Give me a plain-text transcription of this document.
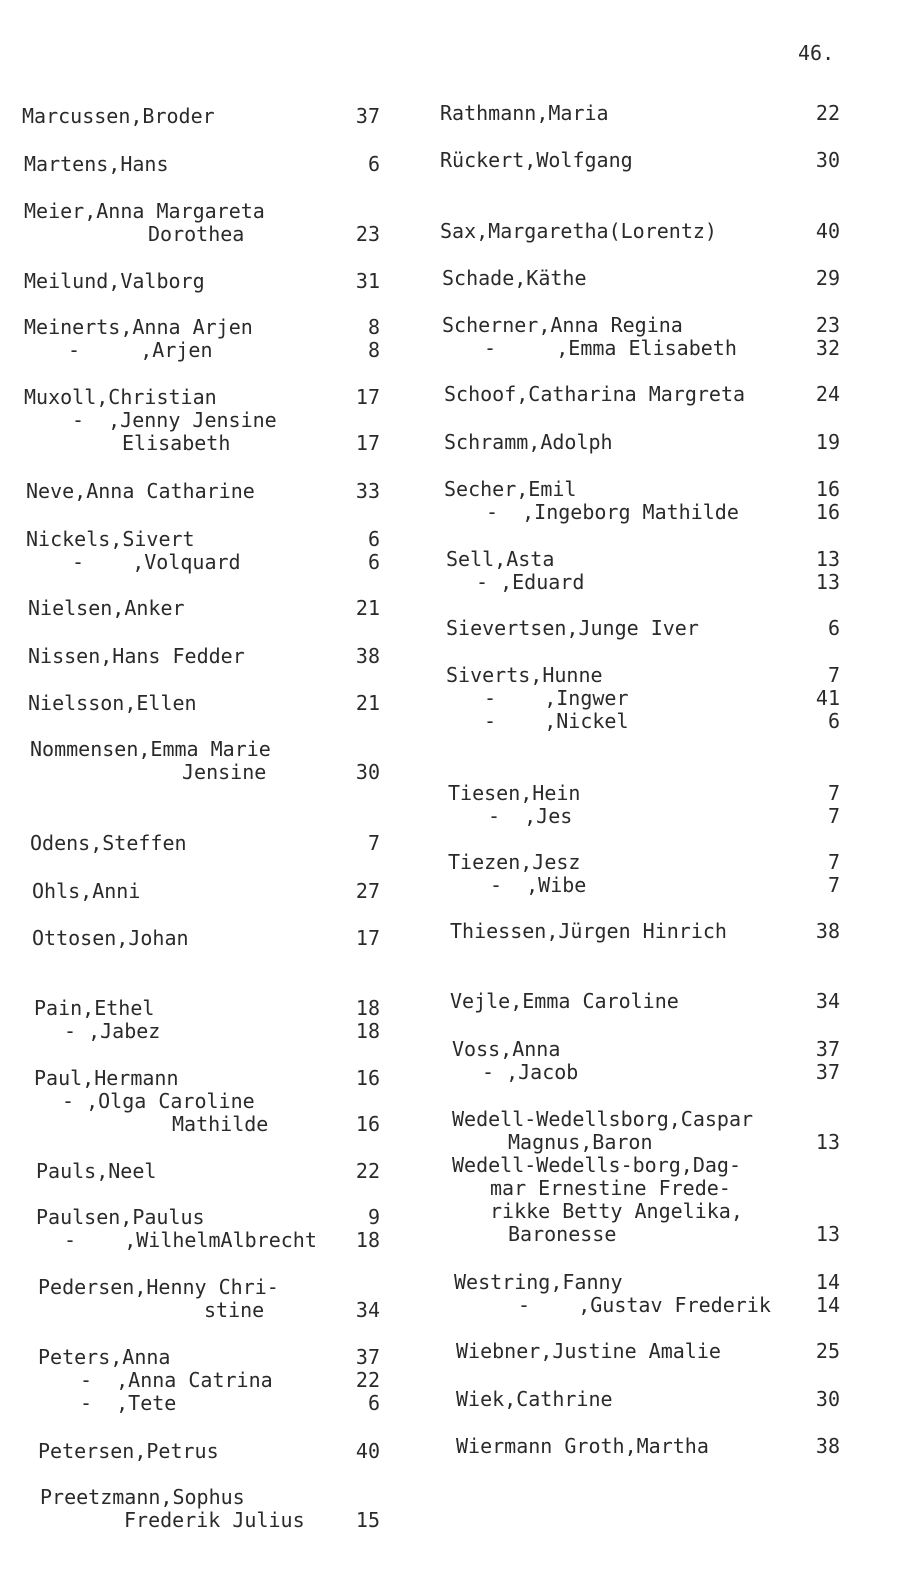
46.
Marcussen,Broder	37
Martens,Hans	6
Meier,Anna Margareta
Dorothea	23
Meilund,Valborg	31
Meinerts,Anna Arjen	8
-     ,Arjen	8
Muxoll,Christian	17
-  ,Jenny Jensine
Elisabeth	17
Neve,Anna Catharine	33
Nickels,Sivert	6
-    ,Volquard	6
Nielsen,Anker	21
Nissen,Hans Fedder	38
Nielsson,Ellen	21
Nommensen,Emma Marie
Jensine	30
Odens,Steffen	7
Ohls,Anni	27
Ottosen,Johan	17
Pain,Ethel	18
- ,Jabez	18
Paul,Hermann	16
- ,Olga Caroline
Mathilde	16
Pauls,Neel	22
Paulsen,Paulus	9
-    ,WilhelmAlbrecht	18
Pedersen,Henny Chri-
stine	34
Peters,Anna	37
-  ,Anna Catrina	22
-  ,Tete	6
Petersen,Petrus	40
Preetzmann,Sophus
Frederik Julius	15
Rathmann,Maria	22
Rückert,Wolfgang	30
Sax,Margaretha(Lorentz)	40
Schade,Käthe	29
Scherner,Anna Regina	23
-     ,Emma Elisabeth	32
Schoof,Catharina Margreta	24
Schramm,Adolph	19
Secher,Emil	16
-  ,Ingeborg Mathilde	16
Sell,Asta	13
- ,Eduard	13
Sievertsen,Junge Iver	6
Siverts,Hunne	7
-    ,Ingwer	41
-    ,Nickel	6
Tiesen,Hein	7
-  ,Jes	7
Tiezen,Jesz	7
-  ,Wibe	7
Thiessen,Jürgen Hinrich	38
Vejle,Emma Caroline	34
Voss,Anna	37
- ,Jacob	37
Wedell-Wedellsborg,Caspar
Magnus,Baron	13
Wedell-Wedells-borg,Dag-
mar Ernestine Frede-
rikke Betty Angelika,
Baronesse	13
Westring,Fanny	14
-    ,Gustav Frederik	14
Wiebner,Justine Amalie	25
Wiek,Cathrine	30
Wiermann Groth,Martha	38
